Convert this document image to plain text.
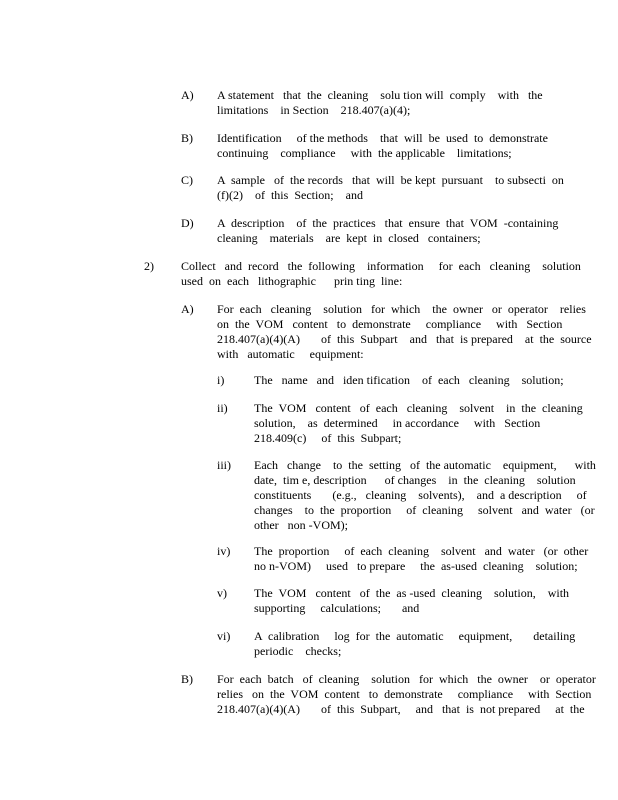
A) A statement   that  the  cleaning    solu tion will  comply    with   the
limitations    in Section    218.407(a)(4);
B) Identification     of the methods    that  will  be  used  to  demonstrate
continuing    compliance     with  the applicable    limitations;
C) A  sample   of  the records   that  will  be kept  pursuant    to subsecti  on
(f)(2)    of  this  Section;    and
D) A  description    of  the  practices   that  ensure  that  VOM  -containing
cleaning    materials    are  kept  in  closed   containers;
2) Collect   and  record   the  following    information     for  each   cleaning    solution
used  on  each   lithographic      prin ting  line:
A) For  each   cleaning    solution   for  which    the  owner   or  operator    relies
on  the  VOM   content   to  demonstrate     compliance     with   Section
218.407(a)(4)(A)       of  this  Subpart    and   that  is prepared    at  the  source
with   automatic     equipment:
i) The   name   and   iden tification    of  each   cleaning    solution;
ii) The  VOM   content   of  each   cleaning    solvent    in  the  cleaning
solution,    as  determined     in accordance     with   Section
218.409(c)     of  this  Subpart;
iii) Each   change    to  the  setting   of  the automatic    equipment,      with
date,  tim e, description      of changes    in  the  cleaning    solution
constituents       (e.g.,   cleaning    solvents),    and  a description     of
changes    to  the  proportion     of  cleaning     solvent   and  water   (or
other   non -VOM);
iv) The  proportion     of  each  cleaning    solvent   and  water   (or  other
no n-VOM)     used   to prepare     the  as-used  cleaning    solution;
v) The  VOM   content   of  the  as -used  cleaning    solution,    with
supporting     calculations;       and
vi) A  calibration     log  for  the  automatic     equipment,       detailing
periodic    checks;
B) For  each  batch   of  cleaning    solution   for  which   the  owner    or  operator
relies   on  the  VOM  content   to  demonstrate     compliance     with  Section
218.407(a)(4)(A)       of  this  Subpart,     and   that  is  not prepared     at  the
